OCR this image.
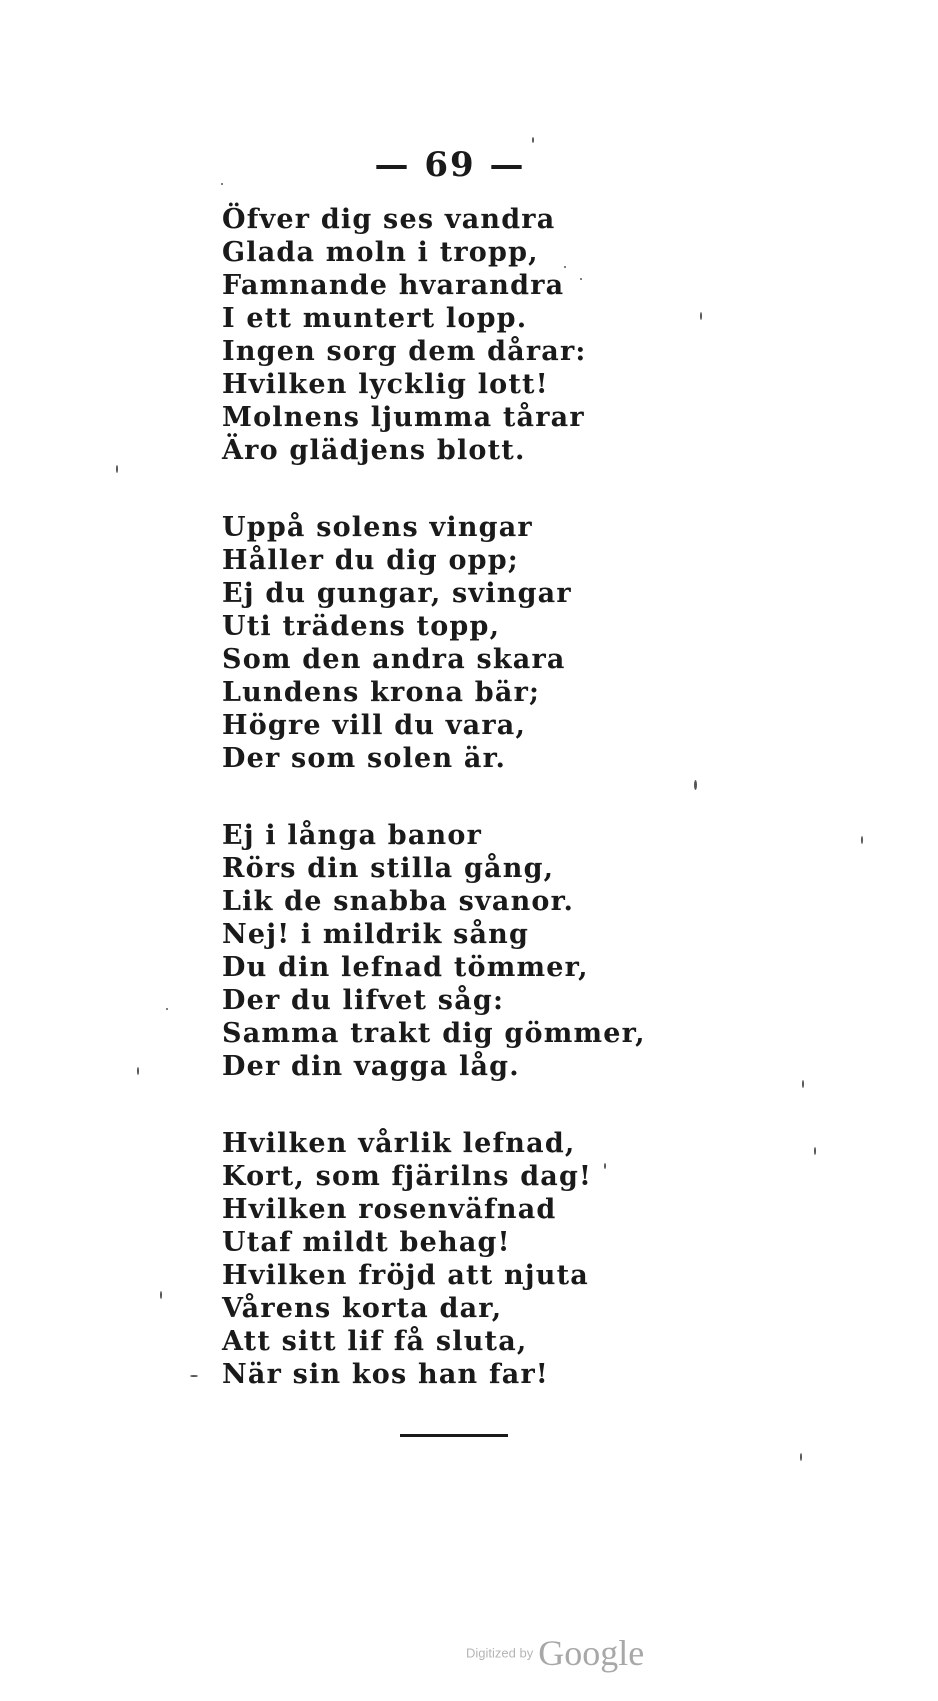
— 69 —
Öfver dig ses vandra
Glada moln i tropp,
Famnande hvarandra
I ett muntert lopp.
Ingen sorg dem dårar:
Hvilken lycklig lott!
Molnens ljumma tårar
Äro glädjens blott.
Uppå solens vingar
Håller du dig opp;
Ej du gungar, svingar
Uti trädens topp,
Som den andra skara
Lundens krona bär;
Högre vill du vara,
Der som solen är.
Ej i långa banor
Rörs din stilla gång,
Lik de snabba svanor.
Nej! i mildrik sång
Du din lefnad tömmer,
Der du lifvet såg:
Samma trakt dig gömmer,
Der din vagga låg.
Hvilken vårlik lefnad,
Kort, som fjärilns dag!
Hvilken rosenväfnad
Utaf mildt behag!
Hvilken fröjd att njuta
Vårens korta dar,
Att sitt lif få sluta,
När sin kos han far!
Digitized by Google
